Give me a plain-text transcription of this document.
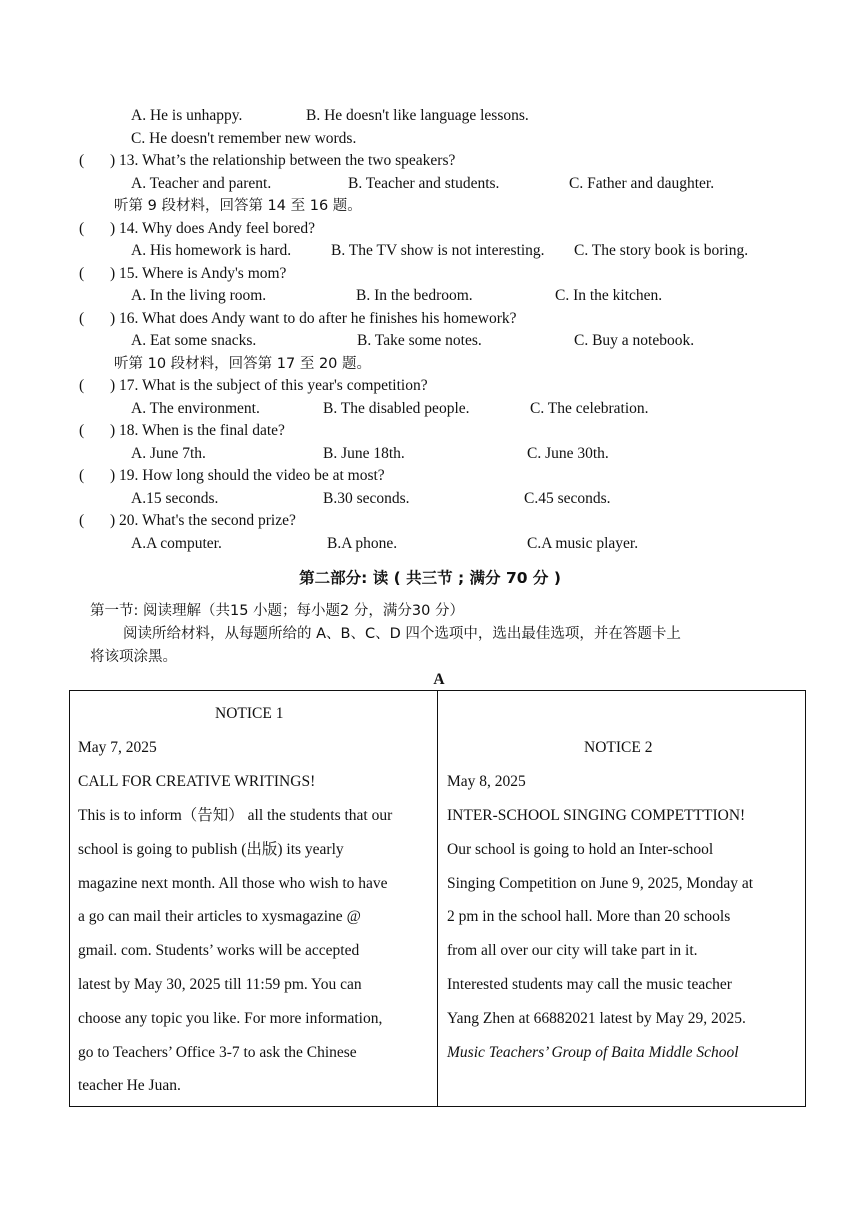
A. He is unhappy.	B. He doesn't like language lessons.
C. He doesn't remember new words.
( ) 13. What’s the relationship between the two speakers?
A. Teacher and parent.	B. Teacher and students.	C. Father and daughter.
听第 9 段材料，回答第 14 至 16 题。
( ) 14. Why does Andy feel bored?
A. His homework is hard.	B. The TV show is not interesting. C. The story book is boring.
( ) 15. Where is Andy's mom?
A. In the living room.	B. In the bedroom.	C. In the kitchen.
( ) 16. What does Andy want to do after he finishes his homework?
A. Eat some snacks.	B. Take some notes.	C. Buy a notebook.
听第 10 段材料，回答第 17 至 20 题。
( ) 17. What is the subject of this year's competition?
A. The environment.	B. The disabled people.	C. The celebration.
( ) 18. When is the final date?
A. June 7th.	B. June 18th.	C. June 30th.
( ) 19. How long should the video be at most?
A.15 seconds.	B.30 seconds.	C.45 seconds.
( ) 20. What's the second prize?
A.A computer.	B.A phone.	C.A music player.
第二部分: 读 ( 共三节 ; 满分 70 分 )
第一节: 阅读理解（共15 小题；每小题2 分，满分30 分）
阅读所给材料，从每题所给的 A、B、C、D 四个选项中，选出最佳选项，并在答题卡上
将该项涂黑。
A
NOTICE 1
May 7, 2025
CALL FOR CREATIVE WRITINGS!
This is to inform（告知） all the students that our
school is going to publish (出版) its yearly
magazine next month. All those who wish to have
a go can mail their articles to xysmagazine @
gmail. com. Students’ works will be accepted
latest by May 30, 2025 till 11:59 pm. You can
choose any topic you like. For more information,
go to Teachers’ Office 3-7 to ask the Chinese
teacher He Juan.
NOTICE 2
May 8, 2025
INTER-SCHOOL SINGING COMPETTTION!
Our school is going to hold an Inter-school
Singing Competition on June 9, 2025, Monday at
2 pm in the school hall. More than 20 schools
from all over our city will take part in it.
Interested students may call the music teacher
Yang Zhen at 66882021 latest by May 29, 2025.
Music Teachers’ Group of Baita Middle School
